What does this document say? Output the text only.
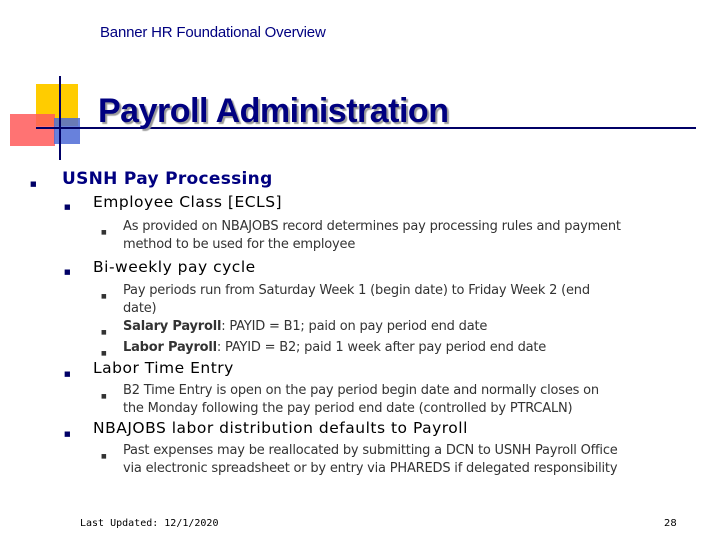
Banner HR Foundational Overview
Payroll Administration
■ USNH Pay Processing
■ Employee Class [ECLS]
■ As provided on NBAJOBS record determines pay processing rules and payment method to be used for the employee
■ Bi-weekly pay cycle
■ Pay periods run from Saturday Week 1 (begin date) to Friday Week 2 (end date)
■ Salary Payroll: PAYID = B1; paid on pay period end date
■ Labor Payroll: PAYID = B2; paid 1 week after pay period end date
■ Labor Time Entry
■ B2 Time Entry is open on the pay period begin date and normally closes on the Monday following the pay period end date (controlled by PTRCALN)
■ NBAJOBS labor distribution defaults to Payroll
■ Past expenses may be reallocated by submitting a DCN to USNH Payroll Office via electronic spreadsheet or by entry via PHAREDS if delegated responsibility
Last Updated: 12/1/2020	28
